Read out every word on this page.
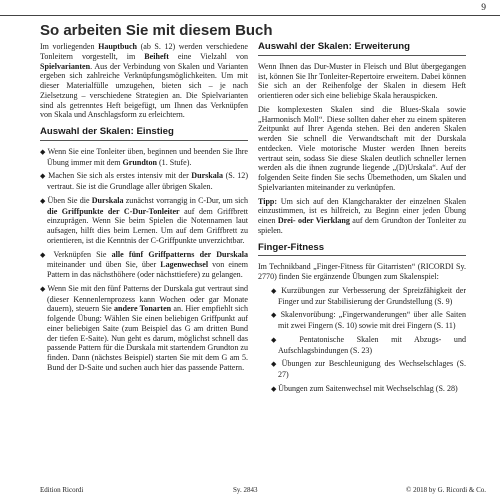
9
So arbeiten Sie mit diesem Buch

Im vorliegenden Hauptbuch (ab S. 12) werden verschiedene Tonleitern vorgestellt, im Beiheft eine Vielzahl von Spielvarianten. Aus der Verbindung von Skalen und Varianten ergeben sich zahlreiche Verknüpfungsmöglichkeiten. Um mit dieser Materialfülle umzugehen, bieten sich – je nach Zielsetzung – verschiedene Strategien an. Die Spielvarianten sind als getrenntes Heft beigefügt, um Ihnen das Verknüpfen von Skala und Anschlagsform zu erleichtern.

Auswahl der Skalen: Einstieg

◆ Wenn Sie eine Tonleiter üben, beginnen und beenden Sie Ihre Übung immer mit dem Grundton (1. Stufe).

◆ Machen Sie sich als erstes intensiv mit der Durskala (S. 12) vertraut. Sie ist die Grundlage aller übrigen Skalen.

◆ Üben Sie die Durskala zunächst vorrangig in C-Dur, um sich die Griffpunkte der C-Dur-Tonleiter auf dem Griffbrett einzuprägen. Wenn Sie beim Spielen die Notennamen laut aufsagen, hilft dies beim Lernen. Um auf dem Griffbrett zu orientieren, ist die Kenntnis der C-Griffpunkte unverzichtbar.

◆ Verknüpfen Sie alle fünf Griffpatterns der Durskala miteinander und üben Sie, über Lagenwechsel von einem Pattern in das nächsthöhere (oder nächsttiefere) zu gelangen.

◆ Wenn Sie mit den fünf Patterns der Durskala gut vertraut sind (dieser Kennenlernprozess kann Wochen oder gar Monate dauern), steuern Sie andere Tonarten an. Hier empfiehlt sich folgende Übung: Wählen Sie einen beliebigen Griffpunkt auf einer beliebigen Saite (zum Beispiel das G am dritten Bund der tiefen E-Saite). Nun geht es darum, möglichst schnell das passende Pattern für die Durskala mit startendem Grundton zu finden. Dann (nächstes Beispiel) starten Sie mit dem G am 5. Bund der D-Saite und suchen auch hier das passende Pattern.

Auswahl der Skalen: Erweiterung

Wenn Ihnen das Dur-Muster in Fleisch und Blut übergegangen ist, können Sie Ihr Tonleiter-Repertoire erweitern. Dabei können Sie sich an der Reihenfolge der Skalen in diesem Heft orientieren oder sich eine beliebige Skala herauspicken.

Die komplexesten Skalen sind die Blues-Skala sowie „Harmonisch Moll“. Diese sollten daher eher zu einem späteren Zeitpunkt auf Ihrer Agenda stehen. Bei den anderen Skalen werden Sie schnell die Verwandtschaft mit der Durskala entdecken. Viele motorische Muster werden Ihnen bereits vertraut sein, sodass Sie diese Skalen deutlich schneller lernen werden als die ihnen zugrunde liegende „(D)Urskala“. Auf der folgenden Seite finden Sie sechs Übemethoden, um Skalen und Spielvarianten miteinander zu verknüpfen.

Tipp: Um sich auf den Klangcharakter der einzelnen Skalen einzustimmen, ist es hilfreich, zu Beginn einer jeden Übung einen Drei- oder Vierklang auf dem Grundton der Tonleiter zu spielen.

Finger-Fitness

Im Technikband „Finger-Fitness für Gitarristen“ (RICORDI Sy. 2770) finden Sie ergänzende Übungen zum Skalenspiel:

◆ Kurzübungen zur Verbesserung der Spreizfähigkeit der Finger und zur Stabilisierung der Grundstellung (S. 9)

◆ Skalenvorübung: „Fingerwanderungen“ über alle Saiten mit zwei Fingern (S. 10) sowie mit drei Fingern (S. 11)

◆ Pentatonische Skalen mit Abzugs- und Aufschlagsbindungen (S. 23)

◆ Übungen zur Beschleunigung des Wechselschlages (S. 27)

◆ Übungen zum Saitenwechsel mit Wechselschlag (S. 28)

Edition Ricordi	Sy. 2843	© 2018 by G. Ricordi & Co.
